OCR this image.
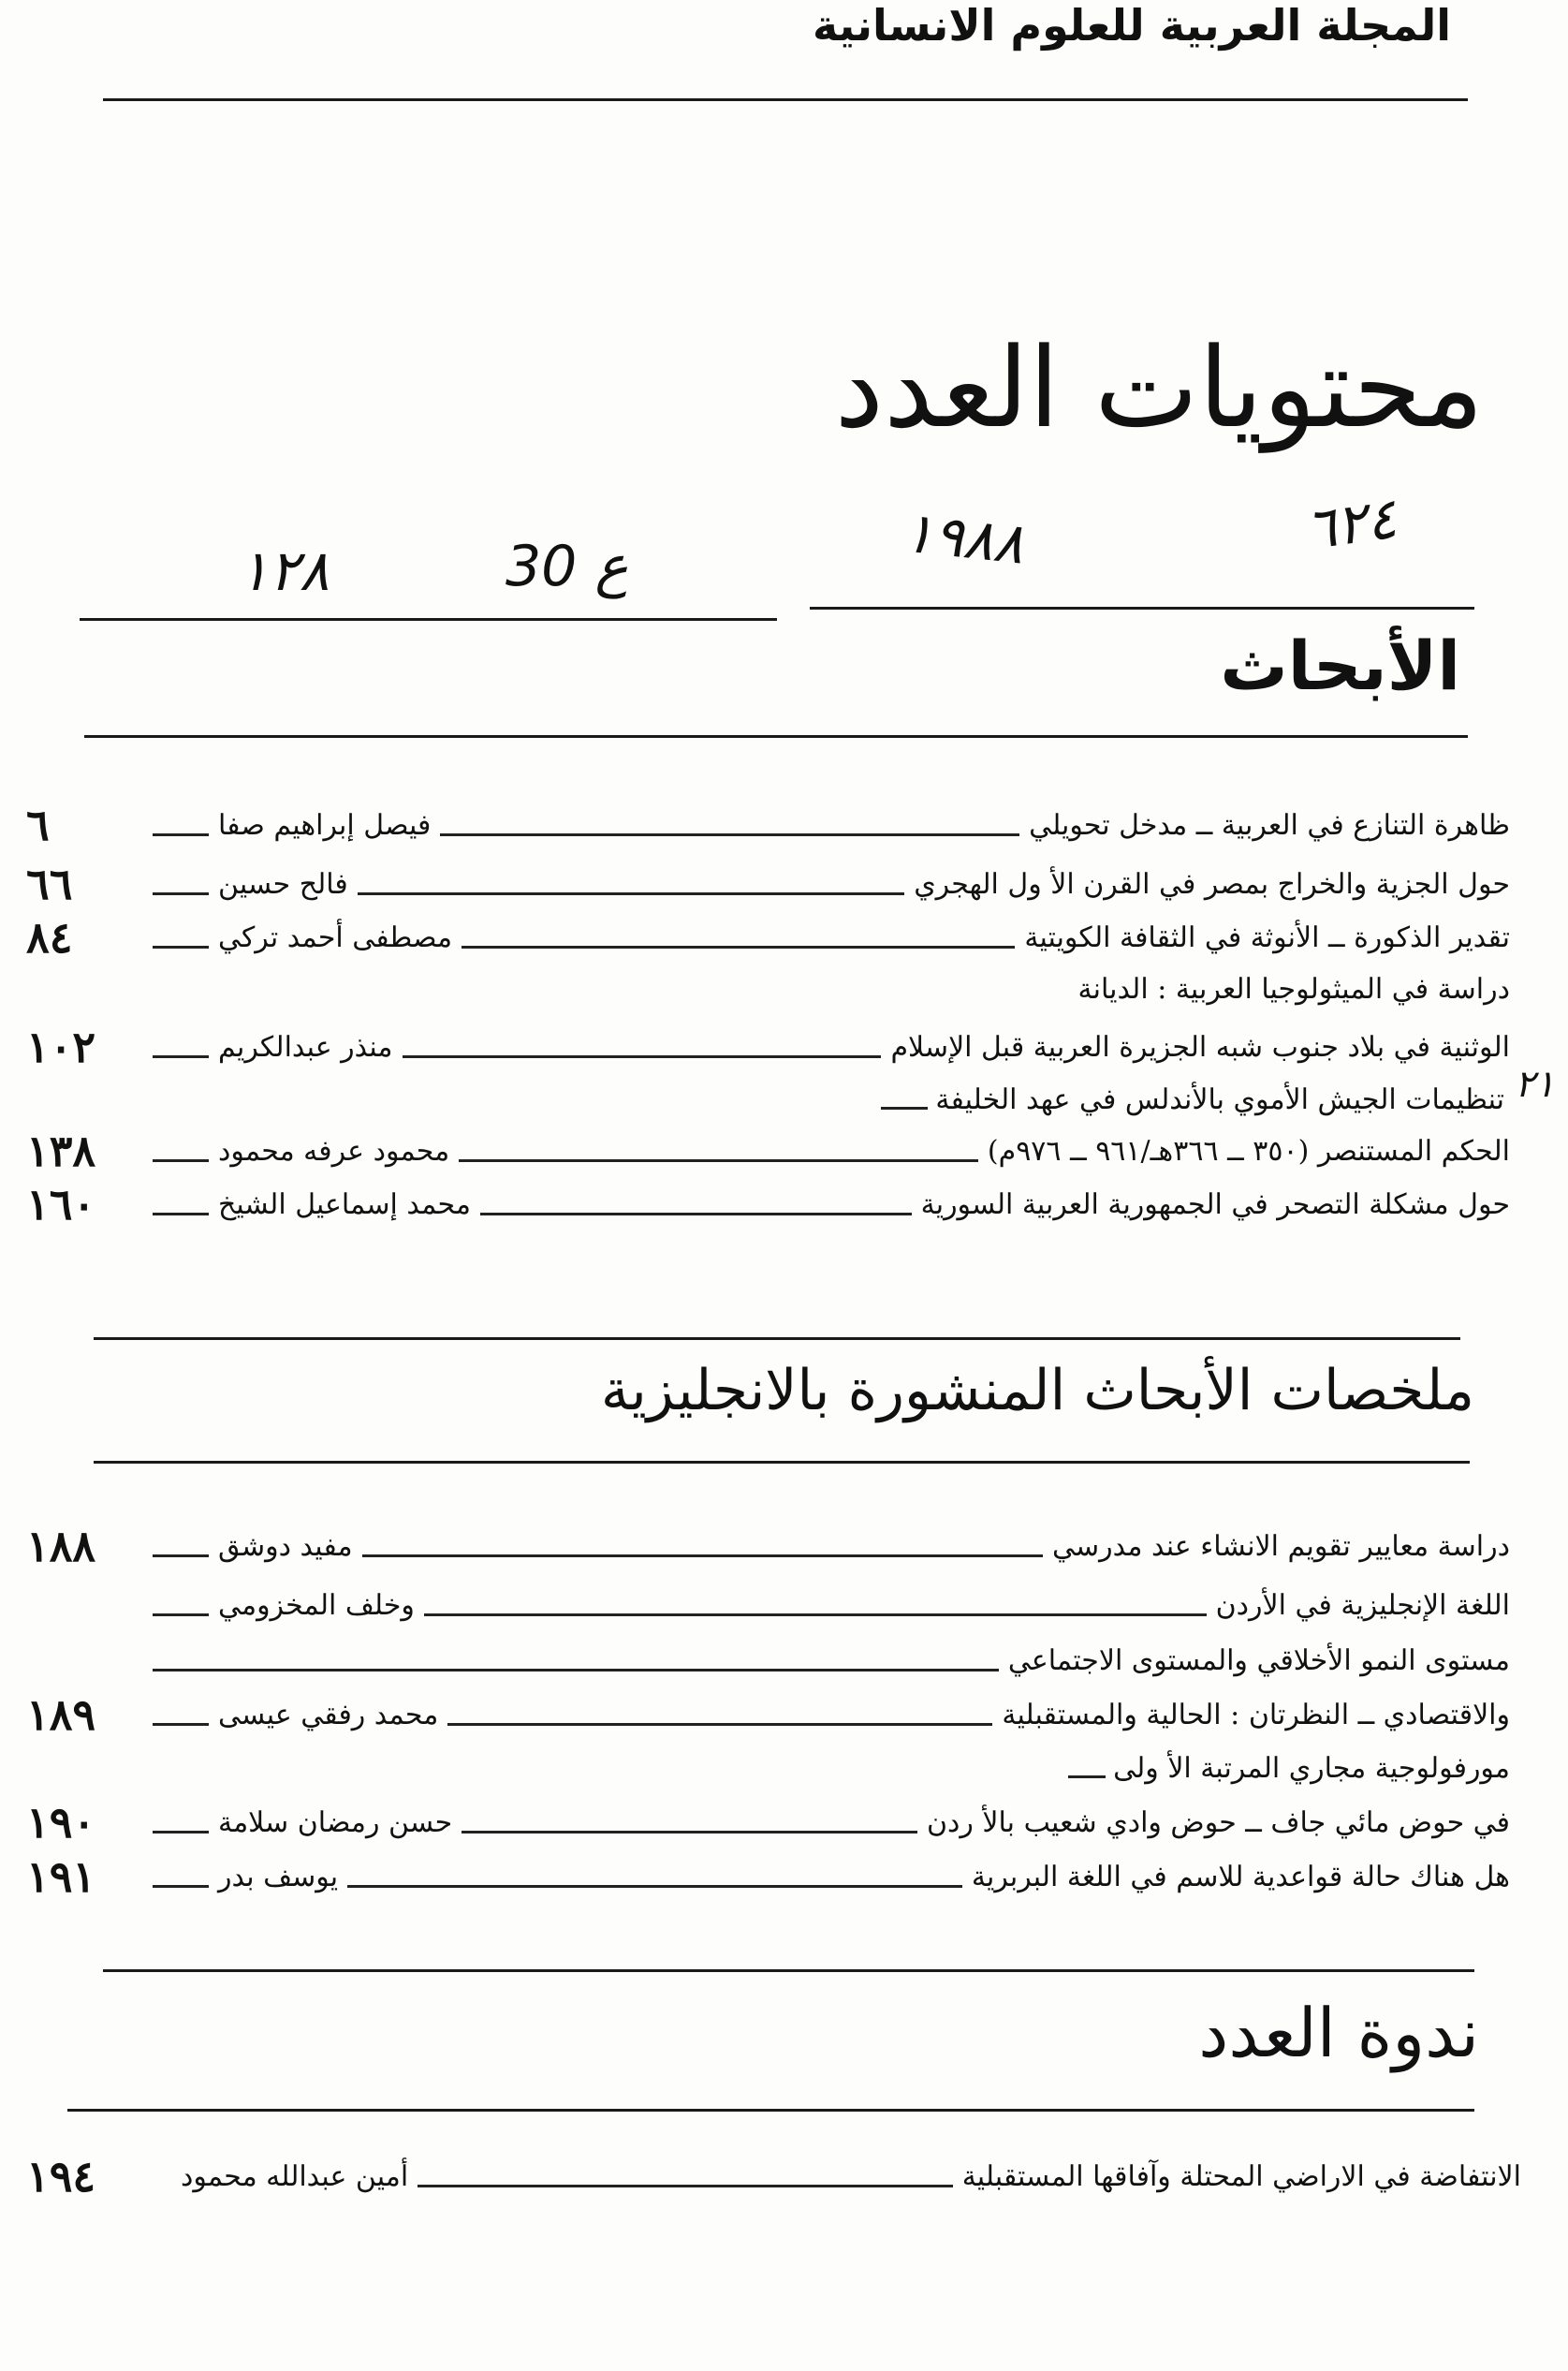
المجلة العربية للعلوم الانسانية
محتويات العدد
٦٢٤
١٩٨٨
ع 30
١٢٨
الأبحاث
ظاهرة التنازع في العربية ــ مدخل تحويلي
فيصل إبراهيم صفا
٦
حول الجزية والخراج بمصر في القرن الأ ول الهجري
فالح حسين
٦٦
تقدير الذكورة ــ الأنوثة في الثقافة الكويتية
مصطفى أحمد تركي
٨٤
دراسة في الميثولوجيا العربية : الديانة
الوثنية في بلاد جنوب شبه الجزيرة العربية قبل الإسلام
منذر عبدالكريم
١٠٢
تنظيمات الجيش الأموي بالأندلس في عهد الخليفة ٢١
الحكم المستنصر (٣٥٠ ــ ٣٦٦هـ/٩٦١ ــ ٩٧٦م)
محمود عرفه محمود
١٣٨
حول مشكلة التصحر في الجمهورية العربية السورية
محمد إسماعيل الشيخ
١٦٠
ملخصات الأبحاث المنشورة بالانجليزية
دراسة معايير تقويم الانشاء عند مدرسي
مفيد دوشق
١٨٨
اللغة الإنجليزية في الأردن
وخلف المخزومي
مستوى النمو الأخلاقي والمستوى الاجتماعي
والاقتصادي ــ النظرتان : الحالية والمستقبلية
محمد رفقي عيسى
١٨٩
مورفولوجية مجاري المرتبة الأ ولى
في حوض مائي جاف ــ حوض وادي شعيب بالأ ردن
حسن رمضان سلامة
١٩٠
هل هناك حالة قواعدية للاسم في اللغة البربرية
يوسف بدر
١٩١
ندوة العدد
الانتفاضة في الاراضي المحتلة وآفاقها المستقبلية
أمين عبدالله محمود
١٩٤
